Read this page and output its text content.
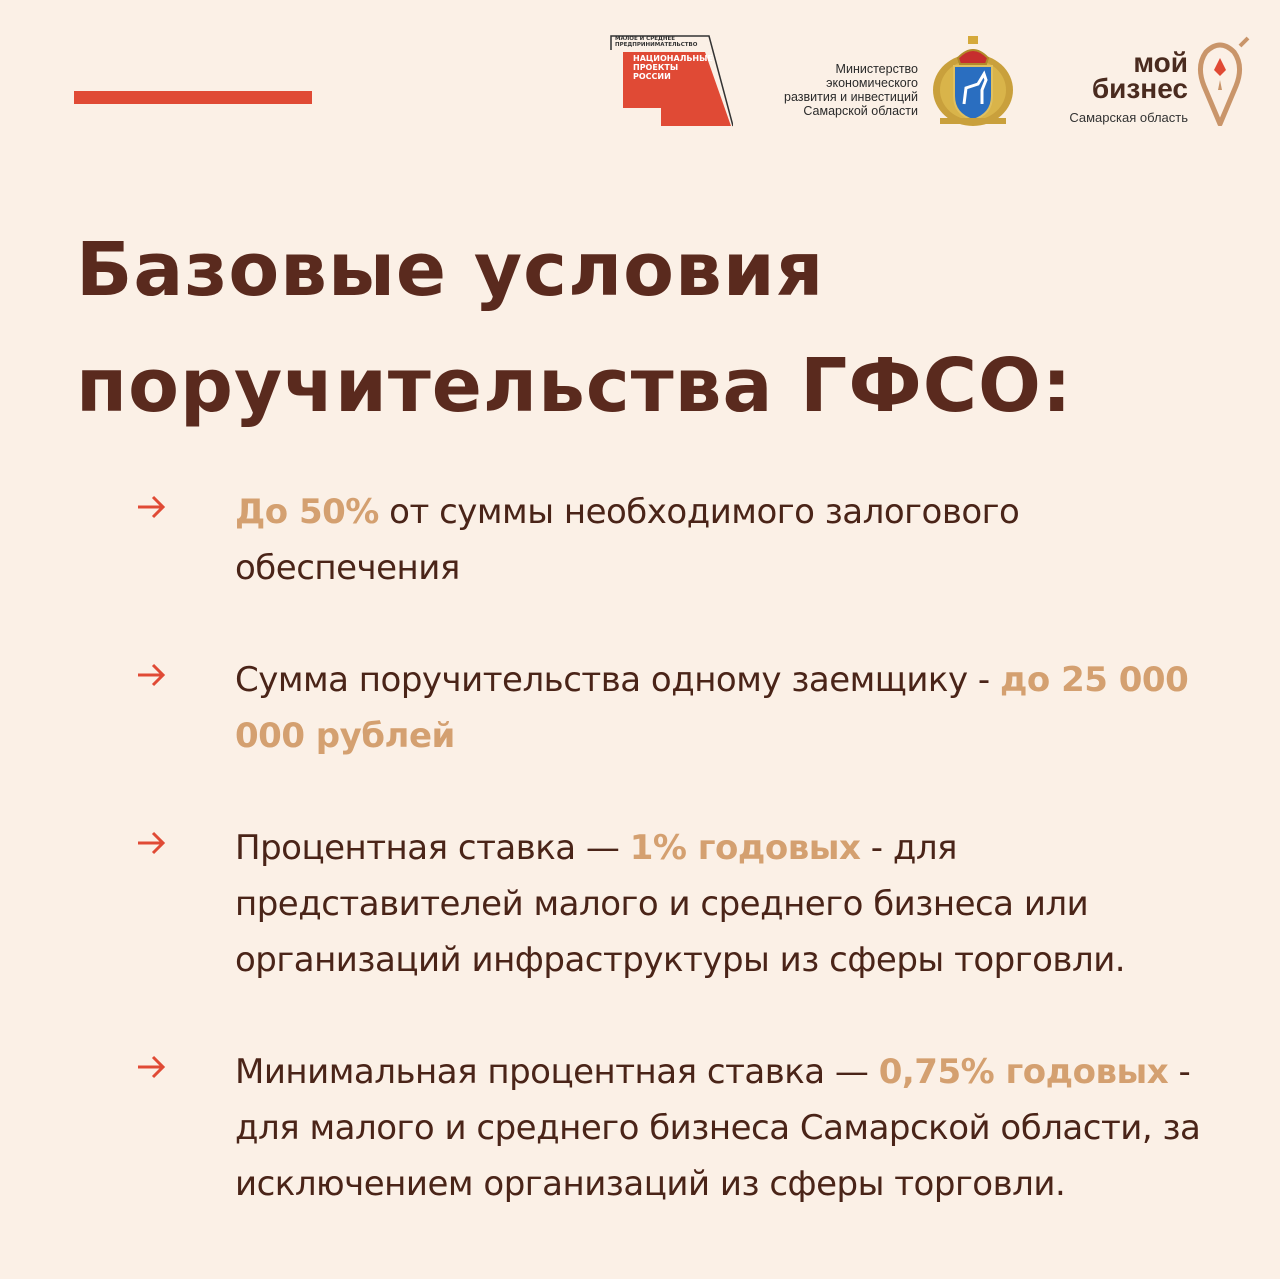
МАЛОЕ И СРЕДНЕЕ ПРЕДПРИНИМАТЕЛЬСТВО
НАЦИОНАЛЬНЫЕ
ПРОЕКТЫ
РОССИИ
Министерство
экономического
развития и инвестиций
Самарской области
мой
бизнес
Самарская область
Базовые условия
поручительства ГФСО:
До 50% от суммы необходимого залогового обеспечения
Сумма поручительства одному заемщику - до 25 000 000 рублей
Процентная ставка — 1% годовых - для представителей малого и среднего бизнеса или организаций инфраструктуры из сферы торговли.
Минимальная процентная ставка — 0,75% годовых - для малого и среднего бизнеса Самарской области, за исключением организаций из сферы торговли.
